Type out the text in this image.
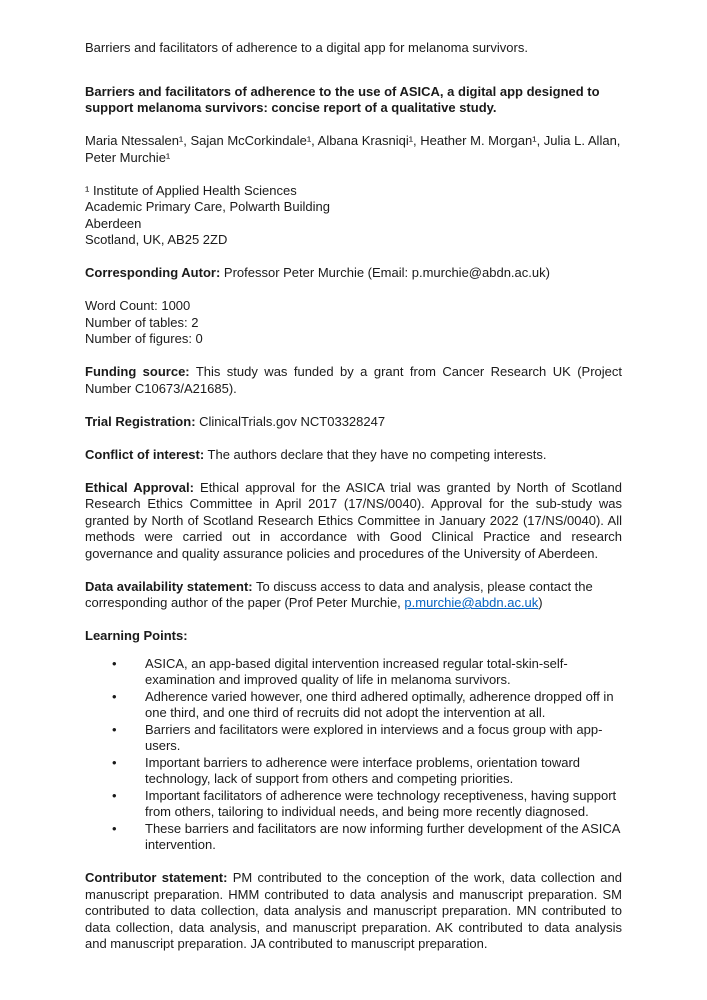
Barriers and facilitators of adherence to a digital app for melanoma survivors.

Barriers and facilitators of adherence to the use of ASICA, a digital app designed to support melanoma survivors: concise report of a qualitative study.

Maria Ntessalen¹, Sajan McCorkindale¹, Albana Krasniqi¹, Heather M. Morgan¹, Julia L. Allan, Peter Murchie¹

¹ Institute of Applied Health Sciences

Academic Primary Care, Polwarth Building

Aberdeen

Scotland, UK, AB25 2ZD

Corresponding Autor: Professor Peter Murchie (Email: p.murchie@abdn.ac.uk)

Word Count: 1000

Number of tables: 2

Number of figures: 0

Funding source: This study was funded by a grant from Cancer Research UK (Project Number C10673/A21685).

Trial Registration: ClinicalTrials.gov NCT03328247

Conflict of interest: The authors declare that they have no competing interests.

Ethical Approval: Ethical approval for the ASICA trial was granted by North of Scotland Research Ethics Committee in April 2017 (17/NS/0040). Approval for the sub-study was granted by North of Scotland Research Ethics Committee in January 2022 (17/NS/0040). All methods were carried out in accordance with Good Clinical Practice and research governance and quality assurance policies and procedures of the University of Aberdeen.

Data availability statement: To discuss access to data and analysis, please contact the corresponding author of the paper (Prof Peter Murchie, p.murchie@abdn.ac.uk)

Learning Points:

• ASICA, an app-based digital intervention increased regular total-skin-self-examination and improved quality of life in melanoma survivors.
• Adherence varied however, one third adhered optimally, adherence dropped off in one third, and one third of recruits did not adopt the intervention at all.
• Barriers and facilitators were explored in interviews and a focus group with app-users.
• Important barriers to adherence were interface problems, orientation toward technology, lack of support from others and competing priorities.
• Important facilitators of adherence were technology receptiveness, having support from others, tailoring to individual needs, and being more recently diagnosed.
• These barriers and facilitators are now informing further development of the ASICA intervention.

Contributor statement: PM contributed to the conception of the work, data collection and manuscript preparation. HMM contributed to data analysis and manuscript preparation. SM contributed to data collection, data analysis and manuscript preparation. MN contributed to data collection, data analysis, and manuscript preparation. AK contributed to data analysis and manuscript preparation. JA contributed to manuscript preparation.
